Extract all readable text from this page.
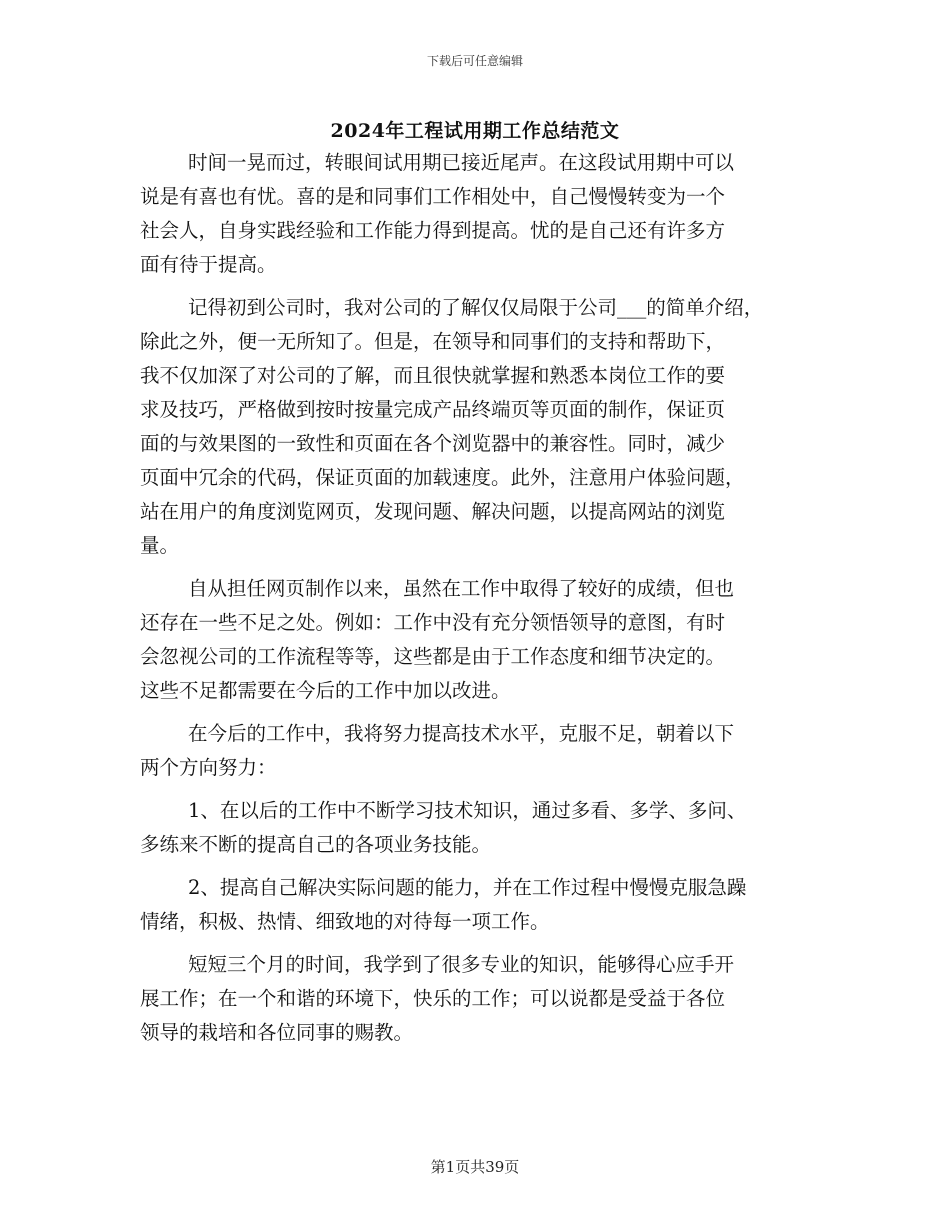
下载后可任意编辑
2024年工程试用期工作总结范文
时间一晃而过，转眼间试用期已接近尾声。在这段试用期中可以
说是有喜也有忧。喜的是和同事们工作相处中，自己慢慢转变为一个
社会人，自身实践经验和工作能力得到提高。忧的是自己还有许多方
面有待于提高。
记得初到公司时，我对公司的了解仅仅局限于公司___的简单介绍，
除此之外，便一无所知了。但是，在领导和同事们的支持和帮助下，
我不仅加深了对公司的了解，而且很快就掌握和熟悉本岗位工作的要
求及技巧，严格做到按时按量完成产品终端页等页面的制作，保证页
面的与效果图的一致性和页面在各个浏览器中的兼容性。同时，减少
页面中冗余的代码，保证页面的加载速度。此外，注意用户体验问题，
站在用户的角度浏览网页，发现问题、解决问题，以提高网站的浏览
量。
自从担任网页制作以来，虽然在工作中取得了较好的成绩，但也
还存在一些不足之处。例如：工作中没有充分领悟领导的意图，有时
会忽视公司的工作流程等等，这些都是由于工作态度和细节决定的。
这些不足都需要在今后的工作中加以改进。
在今后的工作中，我将努力提高技术水平，克服不足，朝着以下
两个方向努力：
1、在以后的工作中不断学习技术知识，通过多看、多学、多问、
多练来不断的提高自己的各项业务技能。
2、提高自己解决实际问题的能力，并在工作过程中慢慢克服急躁
情绪，积极、热情、细致地的对待每一项工作。
短短三个月的时间，我学到了很多专业的知识，能够得心应手开
展工作；在一个和谐的环境下，快乐的工作；可以说都是受益于各位
领导的栽培和各位同事的赐教。
第1页共39页
